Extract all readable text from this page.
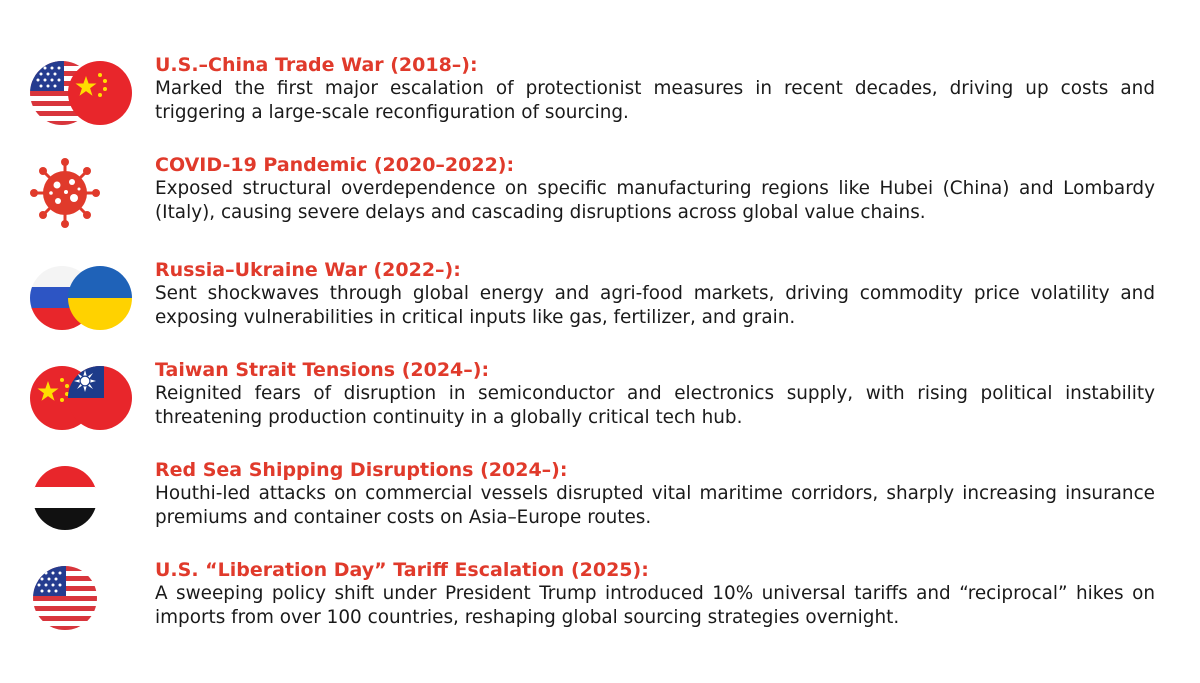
U.S.–China Trade War (2018–):
Marked the first major escalation of protectionist measures in recent decades, driving up costs and triggering a large-scale reconfiguration of sourcing.
COVID-19 Pandemic (2020–2022):
Exposed structural overdependence on specific manufacturing regions like Hubei (China) and Lombardy (Italy), causing severe delays and cascading disruptions across global value chains.
Russia–Ukraine War (2022–):
Sent shockwaves through global energy and agri-food markets, driving commodity price volatility and exposing vulnerabilities in critical inputs like gas, fertilizer, and grain.
Taiwan Strait Tensions (2024–):
Reignited fears of disruption in semiconductor and electronics supply, with rising political instability threatening production continuity in a globally critical tech hub.
Red Sea Shipping Disruptions (2024–):
Houthi-led attacks on commercial vessels disrupted vital maritime corridors, sharply increasing insurance premiums and container costs on Asia–Europe routes.
U.S. “Liberation Day” Tariff Escalation (2025):
A sweeping policy shift under President Trump introduced 10% universal tariffs and “reciprocal” hikes on imports from over 100 countries, reshaping global sourcing strategies overnight.
